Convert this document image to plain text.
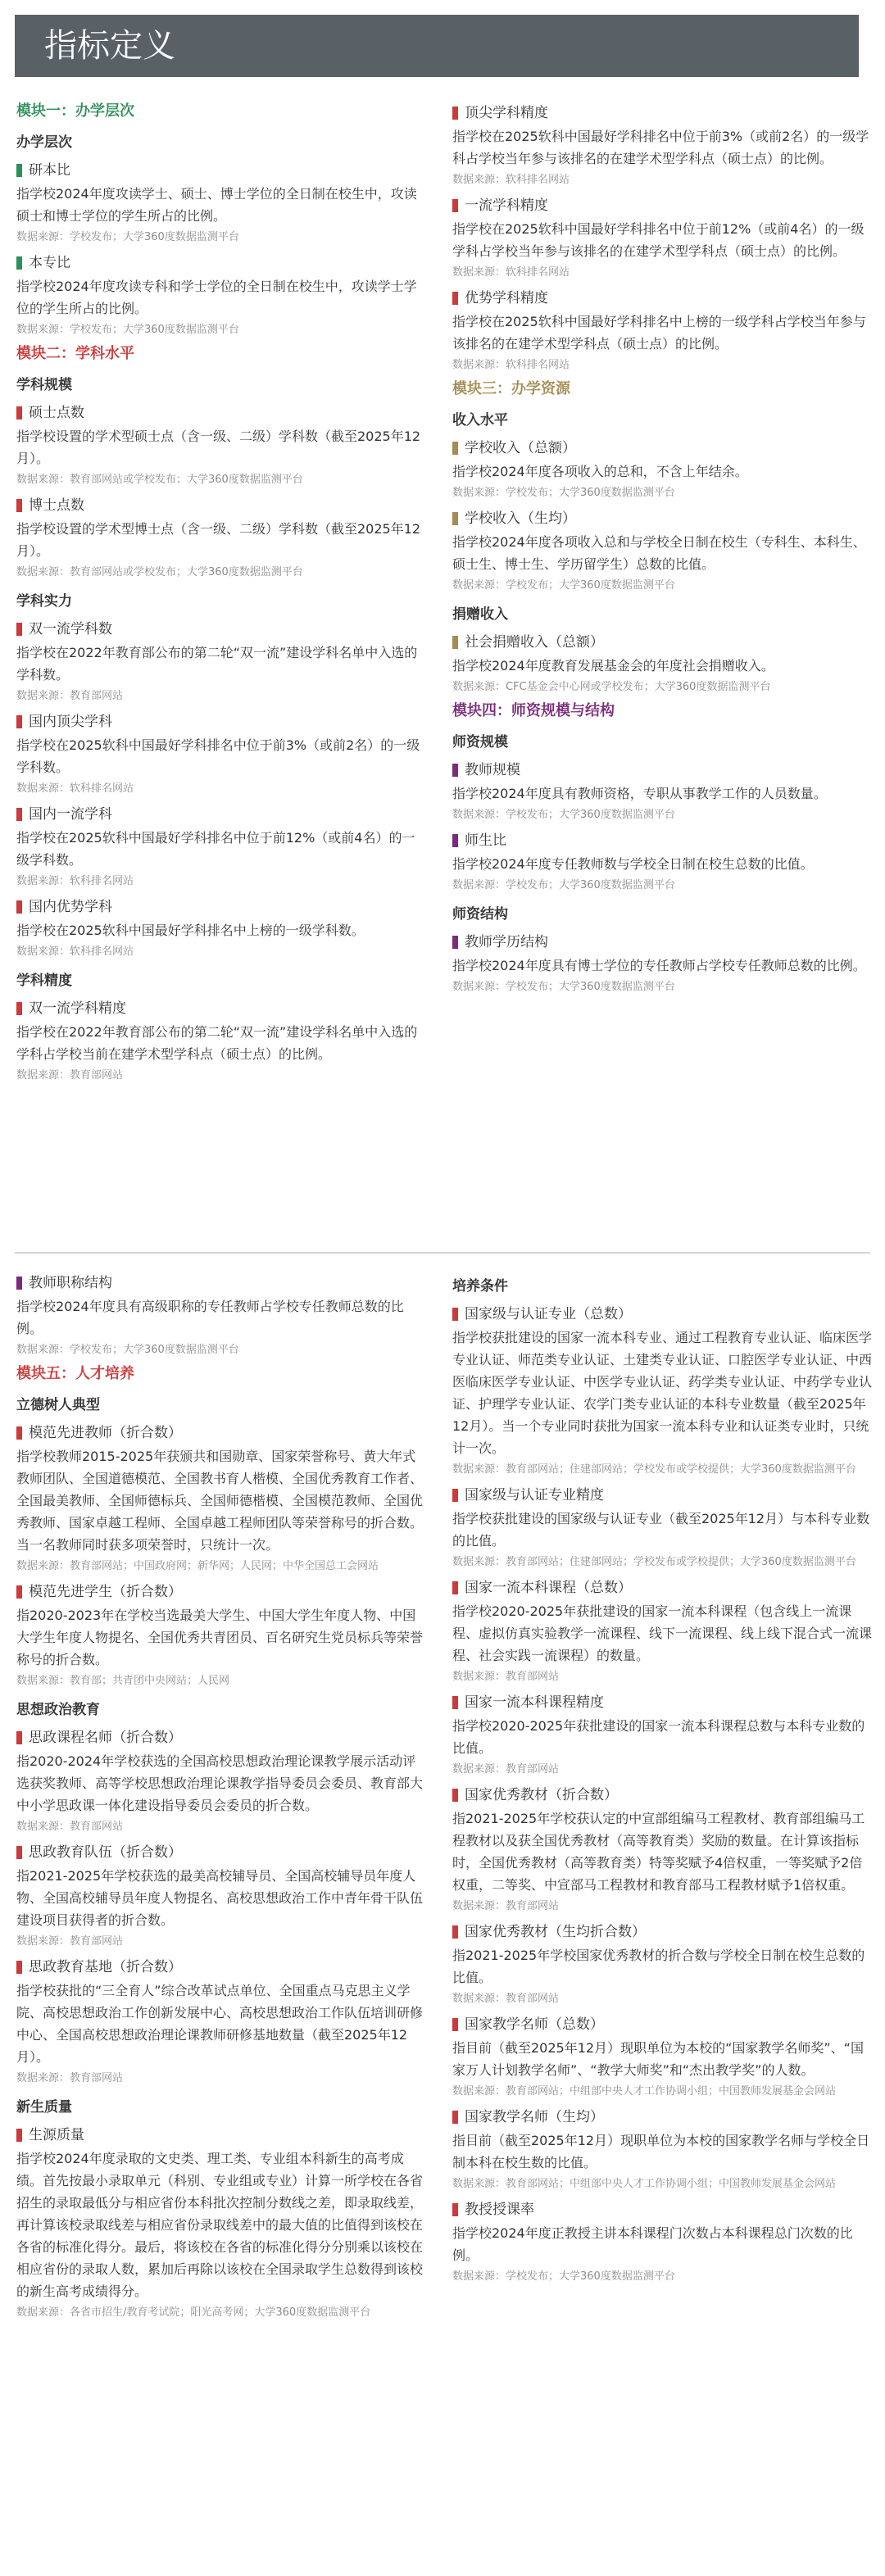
指标定义
模块一：办学层次
办学层次
研本比
指学校2024年度攻读学士、硕士、博士学位的全日制在校生中，攻读硕士和博士学位的学生所占的比例。
数据来源：学校发布；大学360度数据监测平台
本专比
指学校2024年度攻读专科和学士学位的全日制在校生中，攻读学士学位的学生所占的比例。
数据来源：学校发布；大学360度数据监测平台
模块二：学科水平
学科规模
硕士点数
指学校设置的学术型硕士点（含一级、二级）学科数（截至2025年12月）。
数据来源：教育部网站或学校发布；大学360度数据监测平台
博士点数
指学校设置的学术型博士点（含一级、二级）学科数（截至2025年12月）。
数据来源：教育部网站或学校发布；大学360度数据监测平台
学科实力
双一流学科数
指学校在2022年教育部公布的第二轮“双一流”建设学科名单中入选的学科数。
数据来源：教育部网站
国内顶尖学科
指学校在2025软科中国最好学科排名中位于前3%（或前2名）的一级学科数。
数据来源：软科排名网站
国内一流学科
指学校在2025软科中国最好学科排名中位于前12%（或前4名）的一级学科数。
数据来源：软科排名网站
国内优势学科
指学校在2025软科中国最好学科排名中上榜的一级学科数。
数据来源：软科排名网站
学科精度
双一流学科精度
指学校在2022年教育部公布的第二轮“双一流”建设学科名单中入选的学科占学校当前在建学术型学科点（硕士点）的比例。
数据来源：教育部网站
顶尖学科精度
指学校在2025软科中国最好学科排名中位于前3%（或前2名）的一级学科占学校当年参与该排名的在建学术型学科点（硕士点）的比例。
数据来源：软科排名网站
一流学科精度
指学校在2025软科中国最好学科排名中位于前12%（或前4名）的一级学科占学校当年参与该排名的在建学术型学科点（硕士点）的比例。
数据来源：软科排名网站
优势学科精度
指学校在2025软科中国最好学科排名中上榜的一级学科占学校当年参与该排名的在建学术型学科点（硕士点）的比例。
数据来源：软科排名网站
模块三：办学资源
收入水平
学校收入（总额）
指学校2024年度各项收入的总和，不含上年结余。
数据来源：学校发布；大学360度数据监测平台
学校收入（生均）
指学校2024年度各项收入总和与学校全日制在校生（专科生、本科生、硕士生、博士生、学历留学生）总数的比值。
数据来源：学校发布；大学360度数据监测平台
捐赠收入
社会捐赠收入（总额）
指学校2024年度教育发展基金会的年度社会捐赠收入。
数据来源：CFC基金会中心网或学校发布；大学360度数据监测平台
模块四：师资规模与结构
师资规模
教师规模
指学校2024年度具有教师资格，专职从事教学工作的人员数量。
数据来源：学校发布；大学360度数据监测平台
师生比
指学校2024年度专任教师数与学校全日制在校生总数的比值。
数据来源：学校发布；大学360度数据监测平台
师资结构
教师学历结构
指学校2024年度具有博士学位的专任教师占学校专任教师总数的比例。
数据来源：学校发布；大学360度数据监测平台
教师职称结构
指学校2024年度具有高级职称的专任教师占学校专任教师总数的比例。
数据来源：学校发布；大学360度数据监测平台
模块五：人才培养
立德树人典型
模范先进教师（折合数）
指学校教师2015-2025年获颁共和国勋章、国家荣誉称号、黄大年式教师团队、全国道德模范、全国教书育人楷模、全国优秀教育工作者、全国最美教师、全国师德标兵、全国师德楷模、全国模范教师、全国优秀教师、国家卓越工程师、全国卓越工程师团队等荣誉称号的折合数。当一名教师同时获多项荣誉时，只统计一次。
数据来源：教育部网站；中国政府网；新华网；人民网；中华全国总工会网站
模范先进学生（折合数）
指2020-2023年在学校当选最美大学生、中国大学生年度人物、中国大学生年度人物提名、全国优秀共青团员、百名研究生党员标兵等荣誉称号的折合数。
数据来源：教育部；共青团中央网站；人民网
思想政治教育
思政课程名师（折合数）
指2020-2024年学校获选的全国高校思想政治理论课教学展示活动评选获奖教师、高等学校思想政治理论课教学指导委员会委员、教育部大中小学思政课一体化建设指导委员会委员的折合数。
数据来源：教育部网站
思政教育队伍（折合数）
指2021-2025年学校获选的最美高校辅导员、全国高校辅导员年度人物、全国高校辅导员年度人物提名、高校思想政治工作中青年骨干队伍建设项目获得者的折合数。
数据来源：教育部网站
思政教育基地（折合数）
指学校获批的“三全育人”综合改革试点单位、全国重点马克思主义学院、高校思想政治工作创新发展中心、高校思想政治工作队伍培训研修中心、全国高校思想政治理论课教师研修基地数量（截至2025年12月）。
数据来源：教育部网站
新生质量
生源质量
指学校2024年度录取的文史类、理工类、专业组本科新生的高考成绩。首先按最小录取单元（科别、专业组或专业）计算一所学校在各省招生的录取最低分与相应省份本科批次控制分数线之差，即录取线差，再计算该校录取线差与相应省份录取线差中的最大值的比值得到该校在各省的标准化得分。最后，将该校在各省的标准化得分分别乘以该校在相应省份的录取人数，累加后再除以该校在全国录取学生总数得到该校的新生高考成绩得分。
数据来源：各省市招生/教育考试院；阳光高考网；大学360度数据监测平台
培养条件
国家级与认证专业（总数）
指学校获批建设的国家一流本科专业、通过工程教育专业认证、临床医学专业认证、师范类专业认证、土建类专业认证、口腔医学专业认证、中西医临床医学专业认证、中医学专业认证、药学类专业认证、中药学专业认证、护理学专业认证、农学门类专业认证的本科专业数量（截至2025年12月）。当一个专业同时获批为国家一流本科专业和认证类专业时，只统计一次。
数据来源：教育部网站；住建部网站；学校发布或学校提供；大学360度数据监测平台
国家级与认证专业精度
指学校获批建设的国家级与认证专业（截至2025年12月）与本科专业数的比值。
数据来源：教育部网站；住建部网站；学校发布或学校提供；大学360度数据监测平台
国家一流本科课程（总数）
指学校2020-2025年获批建设的国家一流本科课程（包含线上一流课程、虚拟仿真实验教学一流课程、线下一流课程、线上线下混合式一流课程、社会实践一流课程）的数量。
数据来源：教育部网站
国家一流本科课程精度
指学校2020-2025年获批建设的国家一流本科课程总数与本科专业数的比值。
数据来源：教育部网站
国家优秀教材（折合数）
指2021-2025年学校获认定的中宣部组编马工程教材、教育部组编马工程教材以及获全国优秀教材（高等教育类）奖励的数量。在计算该指标时，全国优秀教材（高等教育类）特等奖赋予4倍权重，一等奖赋予2倍权重，二等奖、中宣部马工程教材和教育部马工程教材赋予1倍权重。
数据来源：教育部网站
国家优秀教材（生均折合数）
指2021-2025年学校国家优秀教材的折合数与学校全日制在校生总数的比值。
数据来源：教育部网站
国家教学名师（总数）
指目前（截至2025年12月）现职单位为本校的“国家教学名师奖”、“国家万人计划教学名师”、“教学大师奖”和“杰出教学奖”的人数。
数据来源：教育部网站；中组部中央人才工作协调小组；中国教师发展基金会网站
国家教学名师（生均）
指目前（截至2025年12月）现职单位为本校的国家教学名师与学校全日制本科在校生数的比值。
数据来源：教育部网站；中组部中央人才工作协调小组；中国教师发展基金会网站
教授授课率
指学校2024年度正教授主讲本科课程门次数占本科课程总门次数的比例。
数据来源：学校发布；大学360度数据监测平台
